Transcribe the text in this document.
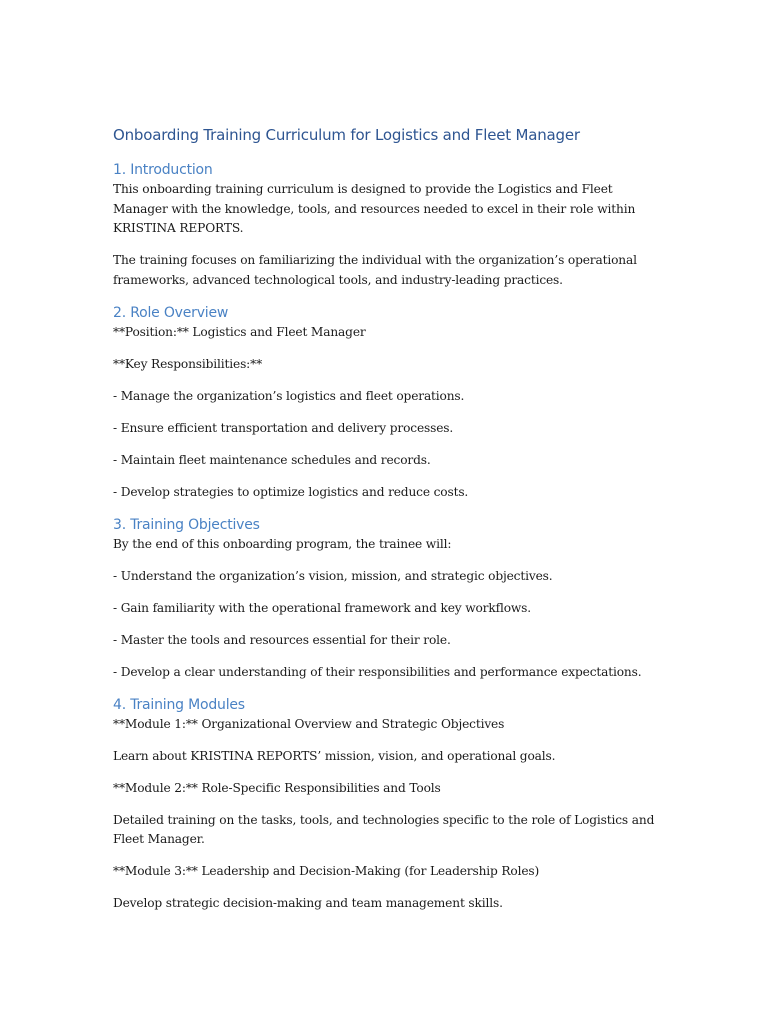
Onboarding Training Curriculum for Logistics and Fleet Manager
1. Introduction

This onboarding training curriculum is designed to provide the Logistics and Fleet Manager with the knowledge, tools, and resources needed to excel in their role within KRISTINA REPORTS.

The training focuses on familiarizing the individual with the organization’s operational frameworks, advanced technological tools, and industry-leading practices.

2. Role Overview

**Position:** Logistics and Fleet Manager

**Key Responsibilities:**

- Manage the organization’s logistics and fleet operations.

- Ensure efficient transportation and delivery processes.

- Maintain fleet maintenance schedules and records.

- Develop strategies to optimize logistics and reduce costs.

3. Training Objectives

By the end of this onboarding program, the trainee will:

- Understand the organization’s vision, mission, and strategic objectives.

- Gain familiarity with the operational framework and key workflows.

- Master the tools and resources essential for their role.

- Develop a clear understanding of their responsibilities and performance expectations.

4. Training Modules

**Module 1:** Organizational Overview and Strategic Objectives

Learn about KRISTINA REPORTS’ mission, vision, and operational goals.

**Module 2:** Role-Specific Responsibilities and Tools

Detailed training on the tasks, tools, and technologies specific to the role of Logistics and Fleet Manager.

**Module 3:** Leadership and Decision-Making (for Leadership Roles)

Develop strategic decision-making and team management skills.
